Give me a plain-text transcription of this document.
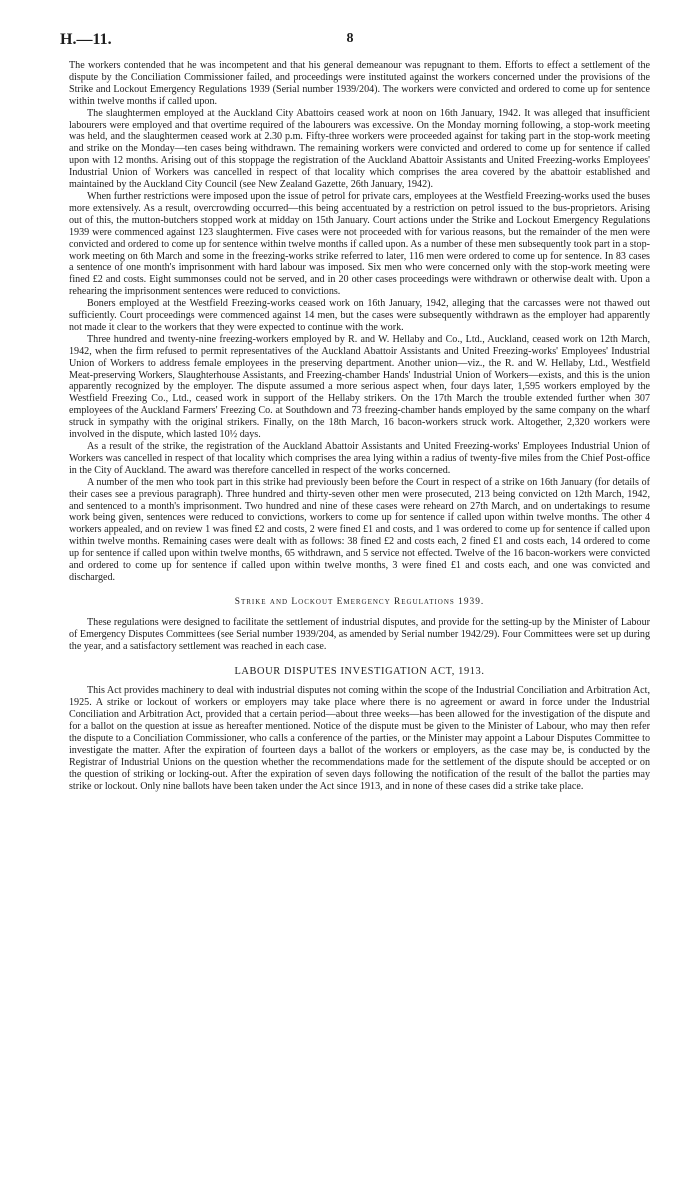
H.—11.	8

The workers contended that he was incompetent and that his general demeanour was repugnant to them. Efforts to effect a settlement of the dispute by the Conciliation Commissioner failed, and proceedings were instituted against the workers concerned under the provisions of the Strike and Lockout Emergency Regulations 1939 (Serial number 1939/204). The workers were convicted and ordered to come up for sentence within twelve months if called upon.

The slaughtermen employed at the Auckland City Abattoirs ceased work at noon on 16th January, 1942. It was alleged that insufficient labourers were employed and that overtime required of the labourers was excessive. On the Monday morning following, a stop-work meeting was held, and the slaughtermen ceased work at 2.30 p.m. Fifty-three workers were proceeded against for taking part in the stop-work meeting and strike on the Monday—ten cases being withdrawn. The remaining workers were convicted and ordered to come up for sentence if called upon with 12 months. Arising out of this stoppage the registration of the Auckland Abattoir Assistants and United Freezing-works Employees' Industrial Union of Workers was cancelled in respect of that locality which comprises the area covered by the abattoir established and maintained by the Auckland City Council (see New Zealand Gazette, 26th January, 1942).

When further restrictions were imposed upon the issue of petrol for private cars, employees at the Westfield Freezing-works used the buses more extensively. As a result, overcrowding occurred—this being accentuated by a restriction on petrol issued to the bus-proprietors. Arising out of this, the mutton-butchers stopped work at midday on 15th January. Court actions under the Strike and Lockout Emergency Regulations 1939 were commenced against 123 slaughtermen. Five cases were not proceeded with for various reasons, but the remainder of the men were convicted and ordered to come up for sentence within twelve months if called upon. As a number of these men subsequently took part in a stop-work meeting on 6th March and some in the freezing-works strike referred to later, 116 men were ordered to come up for sentence. In 83 cases a sentence of one month's imprisonment with hard labour was imposed. Six men who were concerned only with the stop-work meeting were fined £2 and costs. Eight summonses could not be served, and in 20 other cases proceedings were withdrawn or otherwise dealt with. Upon a rehearing the imprisonment sentences were reduced to convictions.

Boners employed at the Westfield Freezing-works ceased work on 16th January, 1942, alleging that the carcasses were not thawed out sufficiently. Court proceedings were commenced against 14 men, but the cases were subsequently withdrawn as the employer had apparently not made it clear to the workers that they were expected to continue with the work.

Three hundred and twenty-nine freezing-workers employed by R. and W. Hellaby and Co., Ltd., Auckland, ceased work on 12th March, 1942, when the firm refused to permit representatives of the Auckland Abattoir Assistants and United Freezing-works' Employees' Industrial Union of Workers to address female employees in the preserving department. Another union—viz., the R. and W. Hellaby, Ltd., Westfield Meat-preserving Workers, Slaughterhouse Assistants, and Freezing-chamber Hands' Industrial Union of Workers—exists, and this is the union apparently recognized by the employer. The dispute assumed a more serious aspect when, four days later, 1,595 workers employed by the Westfield Freezing Co., Ltd., ceased work in support of the Hellaby strikers. On the 17th March the trouble extended further when 307 employees of the Auckland Farmers' Freezing Co. at Southdown and 73 freezing-chamber hands employed by the same company on the wharf struck in sympathy with the original strikers. Finally, on the 18th March, 16 bacon-workers struck work. Altogether, 2,320 workers were involved in the dispute, which lasted 10½ days.

As a result of the strike, the registration of the Auckland Abattoir Assistants and United Freezing-works' Employees Industrial Union of Workers was cancelled in respect of that locality which comprises the area lying within a radius of twenty-five miles from the Chief Post-office in the City of Auckland. The award was therefore cancelled in respect of the works concerned.

A number of the men who took part in this strike had previously been before the Court in respect of a strike on 16th January (for details of their cases see a previous paragraph). Three hundred and thirty-seven other men were prosecuted, 213 being convicted on 12th March, 1942, and sentenced to a month's imprisonment. Two hundred and nine of these cases were reheard on 27th March, and on undertakings to resume work being given, sentences were reduced to convictions, workers to come up for sentence if called upon within twelve months. The other 4 workers appealed, and on review 1 was fined £2 and costs, 2 were fined £1 and costs, and 1 was ordered to come up for sentence if called upon within twelve months. Remaining cases were dealt with as follows: 38 fined £2 and costs each, 2 fined £1 and costs each, 14 ordered to come up for sentence if called upon within twelve months, 65 withdrawn, and 5 service not effected. Twelve of the 16 bacon-workers were convicted and ordered to come up for sentence if called upon within twelve months, 3 were fined £1 and costs each, and one was convicted and discharged.

Strike and Lockout Emergency Regulations 1939.

These regulations were designed to facilitate the settlement of industrial disputes, and provide for the setting-up by the Minister of Labour of Emergency Disputes Committees (see Serial number 1939/204, as amended by Serial number 1942/29). Four Committees were set up during the year, and a satisfactory settlement was reached in each case.

LABOUR DISPUTES INVESTIGATION ACT, 1913.

This Act provides machinery to deal with industrial disputes not coming within the scope of the Industrial Conciliation and Arbitration Act, 1925. A strike or lockout of workers or employers may take place where there is no agreement or award in force under the Industrial Conciliation and Arbitration Act, provided that a certain period—about three weeks—has been allowed for the investigation of the dispute and for a ballot on the question at issue as hereafter mentioned. Notice of the dispute must be given to the Minister of Labour, who may then refer the dispute to a Conciliation Commissioner, who calls a conference of the parties, or the Minister may appoint a Labour Disputes Committee to investigate the matter. After the expiration of fourteen days a ballot of the workers or employers, as the case may be, is conducted by the Registrar of Industrial Unions on the question whether the recommendations made for the settlement of the dispute should be accepted or on the question of striking or locking-out. After the expiration of seven days following the notification of the result of the ballot the parties may strike or lockout. Only nine ballots have been taken under the Act since 1913, and in none of these cases did a strike take place.
